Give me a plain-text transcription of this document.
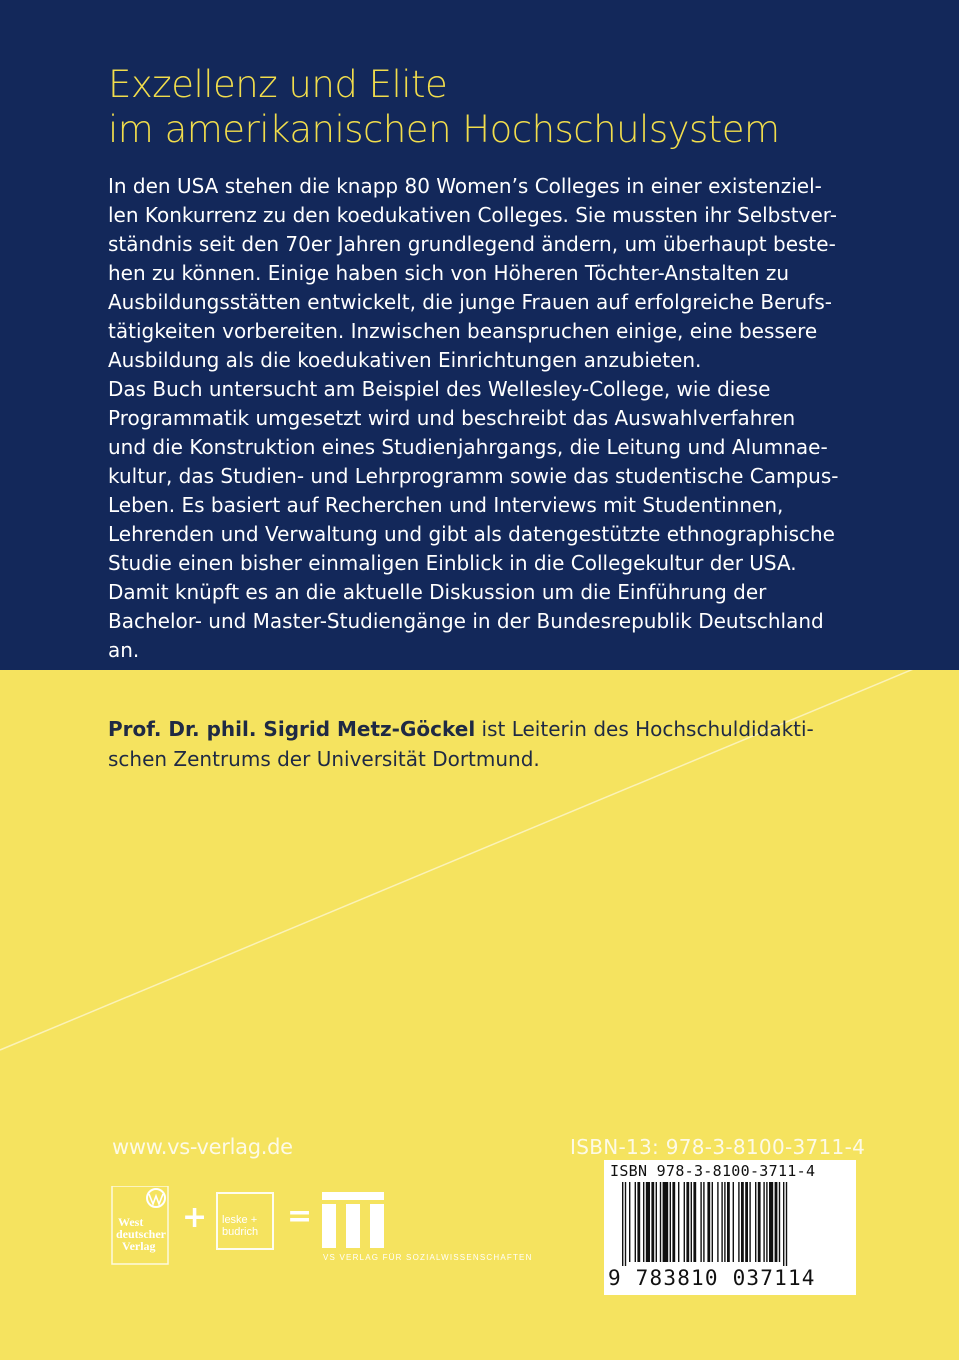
Exzellenz und Elite
im amerikanischen Hochschulsystem
In den USA stehen die knapp 80 Women’s Colleges in einer existenziel-
len Konkurrenz zu den koedukativen Colleges. Sie mussten ihr Selbstver-
ständnis seit den 70er Jahren grundlegend ändern, um überhaupt beste-
hen zu können. Einige haben sich von Höheren Töchter-Anstalten zu
Ausbildungsstätten entwickelt, die junge Frauen auf erfolgreiche Berufs-
tätigkeiten vorbereiten. Inzwischen beanspruchen einige, eine bessere
Ausbildung als die koedukativen Einrichtungen anzubieten.
Das Buch untersucht am Beispiel des Wellesley-College, wie diese
Programmatik umgesetzt wird und beschreibt das Auswahlverfahren
und die Konstruktion eines Studienjahrgangs, die Leitung und Alumnae-
kultur, das Studien- und Lehrprogramm sowie das studentische Campus-
Leben. Es basiert auf Recherchen und Interviews mit Studentinnen,
Lehrenden und Verwaltung und gibt als datengestützte ethnographische
Studie einen bisher einmaligen Einblick in die Collegekultur der USA.
Damit knüpft es an die aktuelle Diskussion um die Einführung der
Bachelor- und Master-Studiengänge in der Bundesrepublik Deutschland
an.
Prof. Dr. phil. Sigrid Metz-Göckel ist Leiterin des Hochschuldidakti-
schen Zentrums der Universität Dortmund.
www.vs-verlag.de	ISBN-13: 978-3-8100-3711-4
ISBN 978-3-8100-3711-4
9 783810 037114
West
deutscher
Verlag
+ leske +
budrich =
VS VERLAG FÜR SOZIALWISSENSCHAFTEN
